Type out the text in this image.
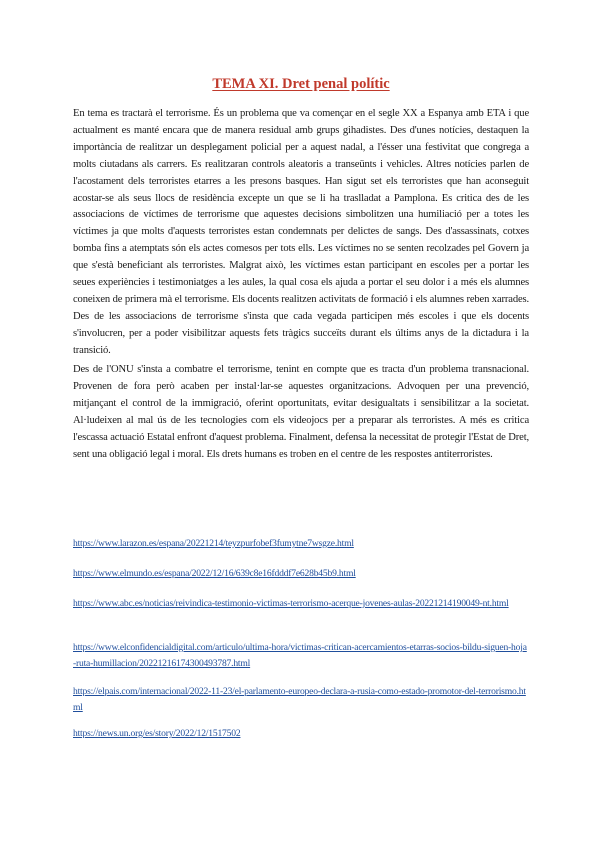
TEMA XI. Dret penal polític

En tema es tractarà el terrorisme. És un problema que va començar en el segle XX a Espanya amb ETA i que actualment es manté encara que de manera residual amb grups gihadistes. Des d'unes notícies, destaquen la importància de realitzar un desplegament policial per a aquest nadal, a l'ésser una festivitat que congrega a molts ciutadans als carrers. Es realitzaran controls aleatoris a transeünts i vehicles. Altres notícies parlen de l'acostament dels terroristes etarres a les presons basques. Han sigut set els terroristes que han aconseguit acostar-se als seus llocs de residència excepte un que se li ha traslladat a Pamplona. Es critica des de les associacions de víctimes de terrorisme que aquestes decisions simbolitzen una humiliació per a totes les víctimes ja que molts d'aquests terroristes estan condemnats per delictes de sangs. Des d'assassinats, cotxes bomba fins a atemptats són els actes comesos per tots ells. Les víctimes no se senten recolzades pel Govern ja que s'està beneficiant als terroristes. Malgrat això, les víctimes estan participant en escoles per a portar les seues experiències i testimoniatges a les aules, la qual cosa els ajuda a portar el seu dolor i a més els alumnes coneixen de primera mà el terrorisme. Els docents realitzen activitats de formació i els alumnes reben xarrades. Des de les associacions de terrorisme s'insta que cada vegada participen més escoles i que els docents s'involucren, per a poder visibilitzar aquests fets tràgics succeïts durant els últims anys de la dictadura i la transició.

Des de l'ONU s'insta a combatre el terrorisme, tenint en compte que es tracta d'un problema transnacional. Provenen de fora però acaben per instal·lar-se aquestes organitzacions. Advoquen per una prevenció, mitjançant el control de la immigració, oferint oportunitats, evitar desigualtats i sensibilitzar a la societat. Al·ludeixen al mal ús de les tecnologies com els videojocs per a preparar als terroristes. A més es critica l'escassa actuació Estatal enfront d'aquest problema. Finalment, defensa la necessitat de protegir l'Estat de Dret, sent una obligació legal i moral. Els drets humans es troben en el centre de les respostes antiterroristes.

https://www.larazon.es/espana/20221214/teyzpurfobef3fumytne7wsgze.html
https://www.elmundo.es/espana/2022/12/16/639c8e16fdddf7e628b45b9.html
https://www.abc.es/noticias/reivindica-testimonio-victimas-terrorismo-acerque-jovenes-aulas-20221214190049-nt.html
https://www.elconfidencialdigital.com/articulo/ultima-hora/victimas-critican-acercamientos-etarras-socios-bildu-siguen-hoja-ruta-humillacion/20221216174300493787.html
https://elpais.com/internacional/2022-11-23/el-parlamento-europeo-declara-a-rusia-como-estado-promotor-del-terrorismo.html
https://news.un.org/es/story/2022/12/1517502
